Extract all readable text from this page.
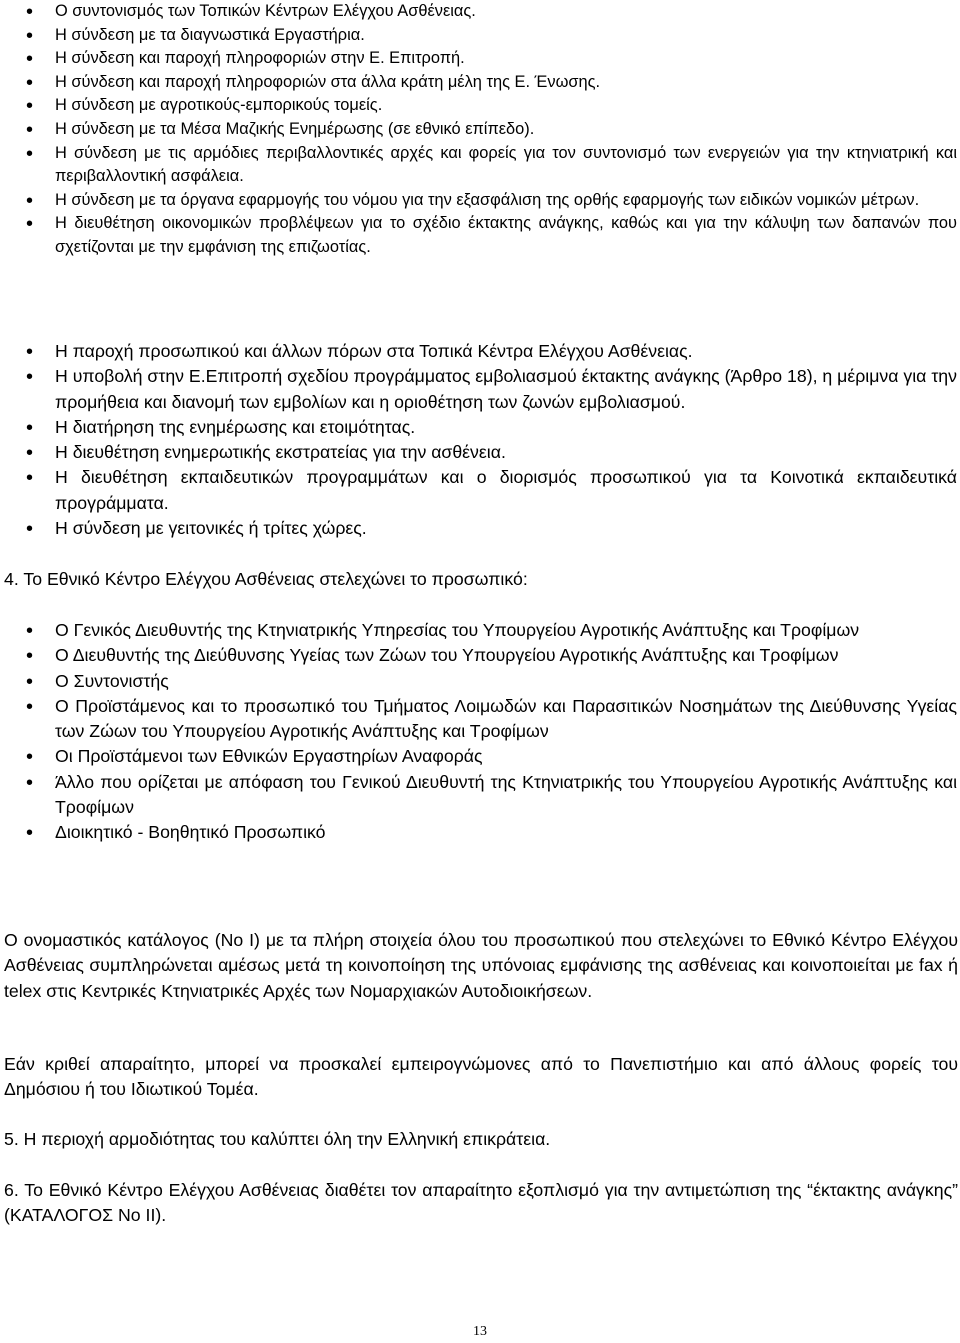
• Ο συντονισμός των Τοπικών Κέντρων Ελέγχου Ασθένειας.
• Η σύνδεση με τα διαγνωστικά Εργαστήρια.
• Η σύνδεση και παροχή πληροφοριών στην Ε. Επιτροπή.
• Η σύνδεση και παροχή πληροφοριών στα άλλα κράτη μέλη της Ε. Ένωσης.
• Η σύνδεση με αγροτικούς-εμπορικούς τομείς.
• Η σύνδεση με τα Μέσα Μαζικής Ενημέρωσης (σε εθνικό επίπεδο).
• Η σύνδεση με τις αρμόδιες περιβαλλοντικές αρχές και φορείς για τον συντονισμό των ενεργειών για την κτηνιατρική και περιβαλλοντική ασφάλεια.
• Η σύνδεση με τα όργανα εφαρμογής του νόμου για την εξασφάλιση της ορθής εφαρμογής των ειδικών νομικών μέτρων.
• Η διευθέτηση οικονομικών προβλέψεων για το σχέδιο έκτακτης ανάγκης, καθώς και για την κάλυψη των δαπανών που σχετίζονται με την εμφάνιση της επιζωοτίας.
• Η παροχή προσωπικού και άλλων πόρων στα Τοπικά Κέντρα Ελέγχου Ασθένειας.
• Η υποβολή στην Ε.Επιτροπή σχεδίου προγράμματος εμβολιασμού έκτακτης ανάγκης (Άρθρο 18), η μέριμνα για την προμήθεια και διανομή των εμβολίων και η οριοθέτηση των ζωνών εμβολιασμού.
• Η διατήρηση της ενημέρωσης και ετοιμότητας.
• Η διευθέτηση ενημερωτικής εκστρατείας για την ασθένεια.
• Η διευθέτηση εκπαιδευτικών προγραμμάτων και ο διορισμός προσωπικού για τα Κοινοτικά εκπαιδευτικά προγράμματα.
• Η σύνδεση με γειτονικές ή τρίτες χώρες.

4. Το Εθνικό Κέντρο Ελέγχου Ασθένειας στελεχώνει το προσωπικό:

• Ο Γενικός Διευθυντής της Κτηνιατρικής Υπηρεσίας του Υπουργείου Αγροτικής Ανάπτυξης και Τροφίμων
• Ο Διευθυντής της Διεύθυνσης Υγείας των Ζώων του Υπουργείου Αγροτικής Ανάπτυξης και Τροφίμων
• Ο Συντονιστής
• Ο Προϊστάμενος και το προσωπικό του Τμήματος Λοιμωδών και Παρασιτικών Νοσημάτων της Διεύθυνσης Υγείας των Ζώων του Υπουργείου Αγροτικής Ανάπτυξης και Τροφίμων
• Οι Προϊστάμενοι των Εθνικών Εργαστηρίων Αναφοράς
• Άλλο που ορίζεται με απόφαση του Γενικού Διευθυντή της Κτηνιατρικής του Υπουργείου Αγροτικής Ανάπτυξης και Τροφίμων
• Διοικητικό - Βοηθητικό Προσωπικό

Ο ονομαστικός κατάλογος (Νο Ι) με τα πλήρη στοιχεία όλου του προσωπικού που στελεχώνει το Εθνικό Κέντρο Ελέγχου Ασθένειας συμπληρώνεται αμέσως μετά τη κοινοποίηση της υπόνοιας εμφάνισης της ασθένειας και κοινοποιείται με fax ή telex στις Κεντρικές Κτηνιατρικές Αρχές των Νομαρχιακών Αυτοδιοικήσεων.

Εάν κριθεί απαραίτητο, μπορεί να προσκαλεί εμπειρογνώμονες από το Πανεπιστήμιο και από άλλους φορείς του Δημόσιου ή του Ιδιωτικού Τομέα.

5. Η περιοχή αρμοδιότητας του καλύπτει όλη την Ελληνική επικράτεια.

6. Το Εθνικό Κέντρο Ελέγχου Ασθένειας διαθέτει τον απαραίτητο εξοπλισμό για την αντιμετώπιση της “έκτακτης ανάγκης” (ΚΑΤΑΛΟΓΟΣ Νο ΙΙ).

13
